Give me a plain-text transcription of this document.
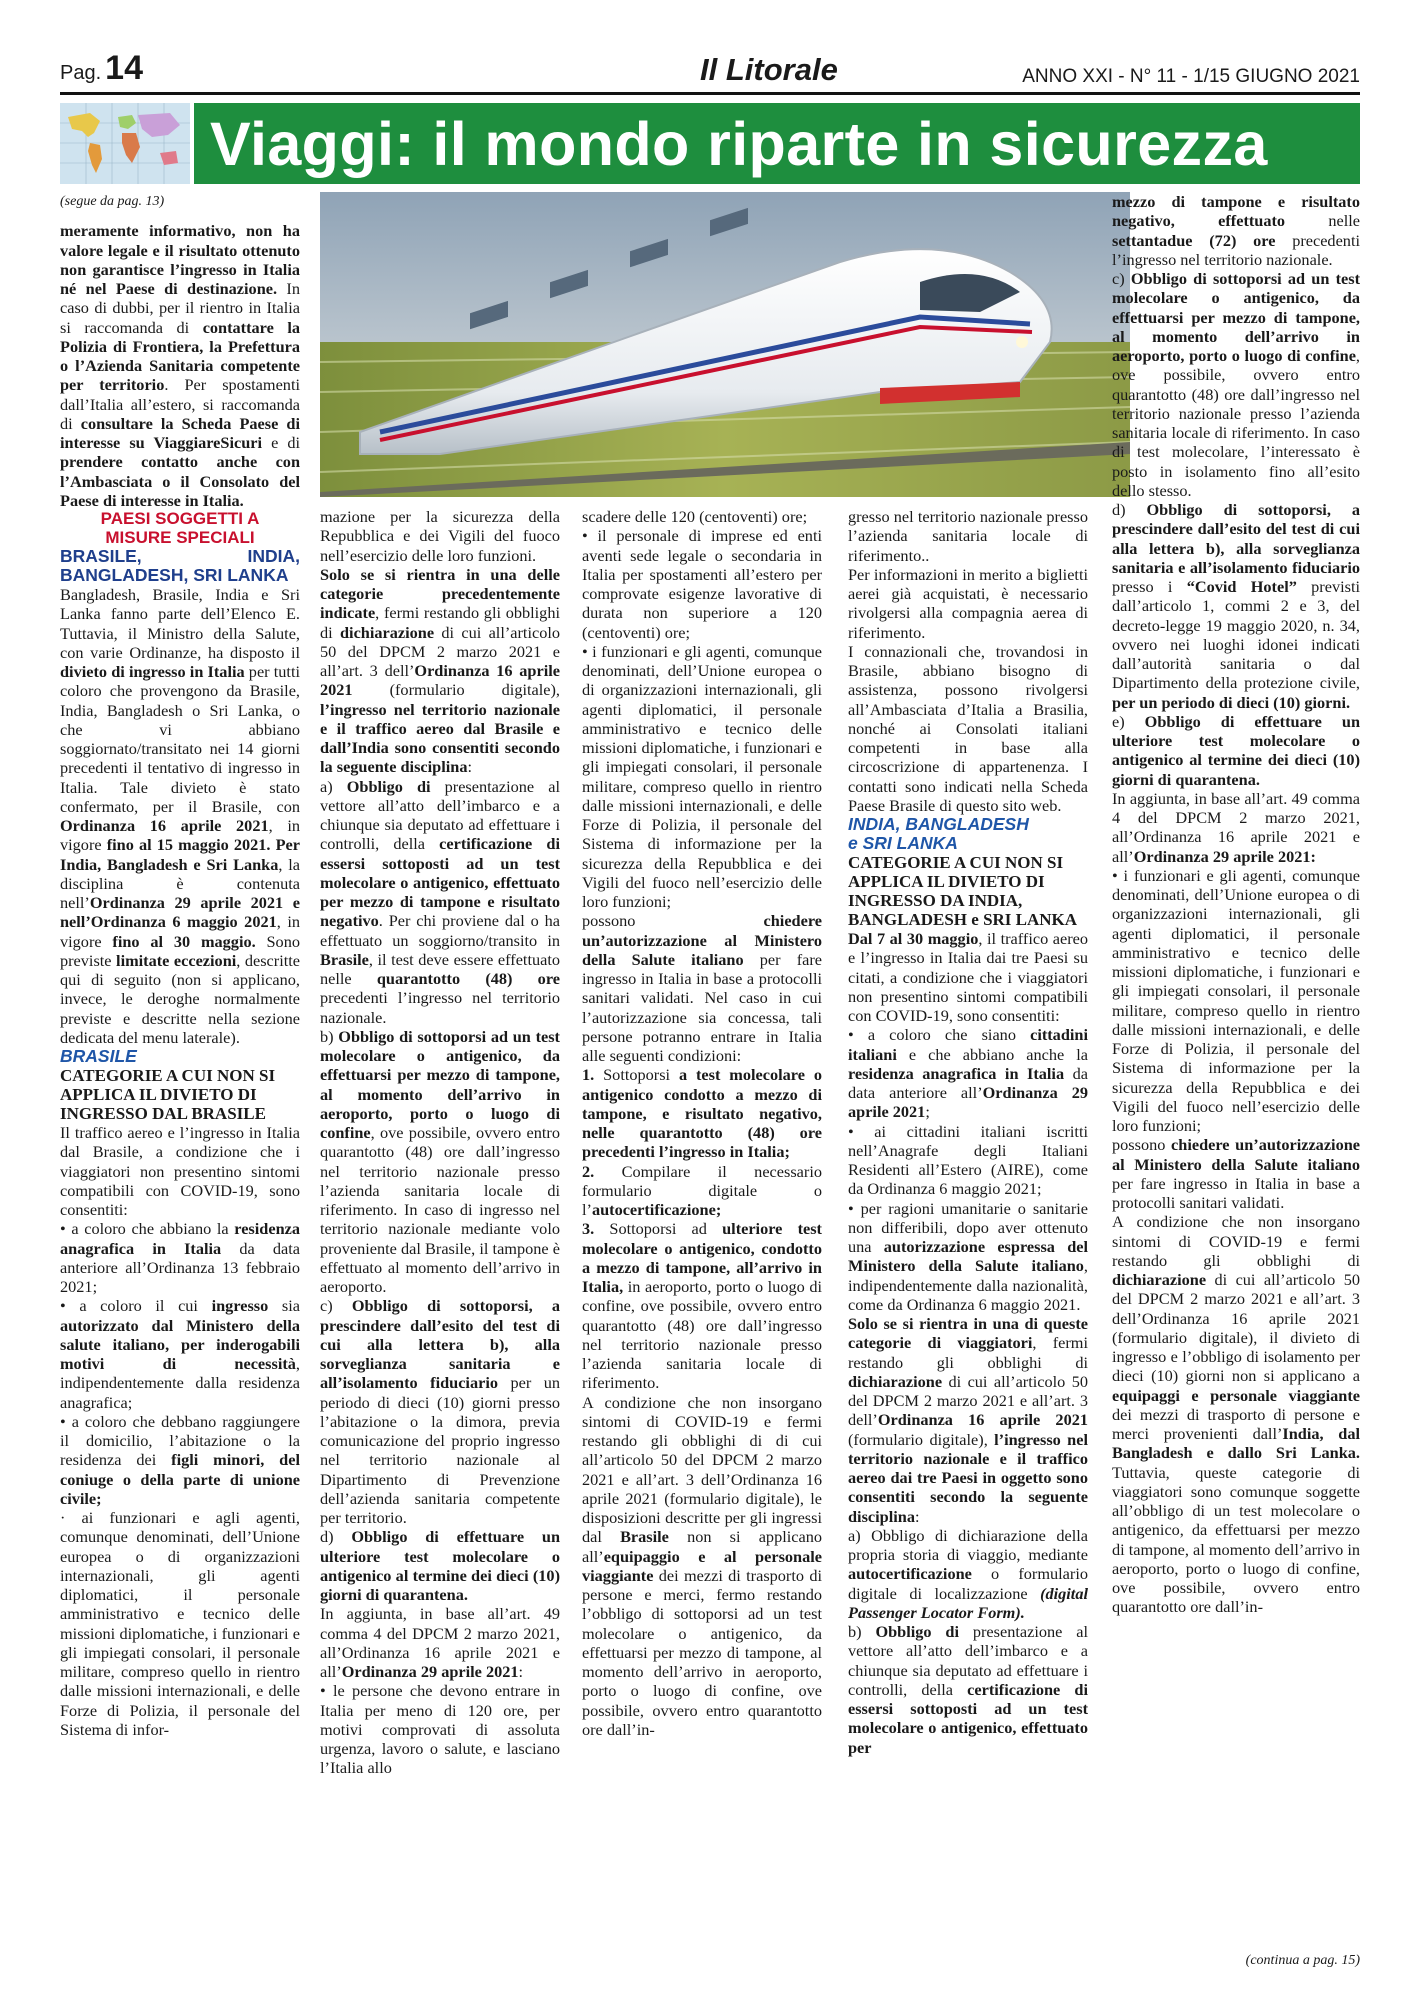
Pag. 14	Il Litorale	ANNO XXI - N° 11 - 1/15 GIUGNO 2021
Viaggi: il mondo riparte in sicurezza

(segue da pag. 13)

meramente informativo, non ha valore legale e il risultato ottenuto non garantisce l’ingresso in Italia né nel Paese di destinazione. In caso di dubbi, per il rientro in Italia si raccomanda di contattare la Polizia di Frontiera, la Prefettura o l’Azienda Sanitaria competente per territorio. Per spostamenti dall’Italia all’estero, si raccomanda di consultare la Scheda Paese di interesse su ViaggiareSicuri e di prendere contatto anche con l’Ambasciata o il Consolato del Paese di interesse in Italia.

PAESI SOGGETTI A
MISURE SPECIALI

BRASILE, INDIA, BANGLADESH, SRI LANKA

Bangladesh, Brasile, India e Sri Lanka fanno parte dell’Elenco E. Tuttavia, il Ministro della Salute, con varie Ordinanze, ha disposto il divieto di ingresso in Italia per tutti coloro che provengono da Brasile, India, Bangladesh o Sri Lanka, o che vi abbiano soggiornato/transitato nei 14 giorni precedenti il tentativo di ingresso in Italia. Tale divieto è stato confermato, per il Brasile, con Ordinanza 16 aprile 2021, in vigore fino al 15 maggio 2021. Per India, Bangladesh e Sri Lanka, la disciplina è contenuta nell’Ordinanza 29 aprile 2021 e nell’Ordinanza 6 maggio 2021, in vigore fino al 30 maggio. Sono previste limitate eccezioni, descritte qui di seguito (non si applicano, invece, le deroghe normalmente previste e descritte nella sezione dedicata del menu laterale).

BRASILE

CATEGORIE A CUI NON SI APPLICA IL DIVIETO DI INGRESSO DAL BRASILE

Il traffico aereo e l’ingresso in Italia dal Brasile, a condizione che i viaggiatori non presentino sintomi compatibili con COVID-19, sono consentiti:

• a coloro che abbiano la residenza anagrafica in Italia da data anteriore all’Ordinanza 13 febbraio 2021;

• a coloro il cui ingresso sia autorizzato dal Ministero della salute italiano, per inderogabili motivi di necessità, indipendentemente dalla residenza anagrafica;

• a coloro che debbano raggiungere il domicilio, l’abitazione o la residenza dei figli minori, del coniuge o della parte di unione civile;

· ai funzionari e agli agenti, comunque denominati, dell’Unione europea o di organizzazioni internazionali, gli agenti diplomatici, il personale amministrativo e tecnico delle missioni diplomatiche, i funzionari e gli impiegati consolari, il personale militare, compreso quello in rientro dalle missioni internazionali, e delle Forze di Polizia, il personale del Sistema di infor-

mazione per la sicurezza della Repubblica e dei Vigili del fuoco nell’esercizio delle loro funzioni.

Solo se si rientra in una delle categorie precedentemente indicate, fermi restando gli obblighi di dichiarazione di cui all’articolo 50 del DPCM 2 marzo 2021 e all’art. 3 dell’Ordinanza 16 aprile 2021 (formulario digitale), l’ingresso nel territorio nazionale e il traffico aereo dal Brasile e dall’India sono consentiti secondo la seguente disciplina:

a) Obbligo di presentazione al vettore all’atto dell’imbarco e a chiunque sia deputato ad effettuare i controlli, della certificazione di essersi sottoposti ad un test molecolare o antigenico, effettuato per mezzo di tampone e risultato negativo. Per chi proviene dal o ha effettuato un soggiorno/transito in Brasile, il test deve essere effettuato nelle quarantotto (48) ore precedenti l’ingresso nel territorio nazionale.

b) Obbligo di sottoporsi ad un test molecolare o antigenico, da effettuarsi per mezzo di tampone, al momento dell’arrivo in aeroporto, porto o luogo di confine, ove possibile, ovvero entro quarantotto (48) ore dall’ingresso nel territorio nazionale presso l’azienda sanitaria locale di riferimento. In caso di ingresso nel territorio nazionale mediante volo proveniente dal Brasile, il tampone è effettuato al momento dell’arrivo in aeroporto.

c) Obbligo di sottoporsi, a prescindere dall’esito del test di cui alla lettera b), alla sorveglianza sanitaria e all’isolamento fiduciario per un periodo di dieci (10) giorni presso l’abitazione o la dimora, previa comunicazione del proprio ingresso nel territorio nazionale al Dipartimento di Prevenzione dell’azienda sanitaria competente per territorio.

d) Obbligo di effettuare un ulteriore test molecolare o antigenico al termine dei dieci (10) giorni di quarantena.

In aggiunta, in base all’art. 49 comma 4 del DPCM 2 marzo 2021, all’Ordinanza 16 aprile 2021 e all’Ordinanza 29 aprile 2021:

• le persone che devono entrare in Italia per meno di 120 ore, per motivi comprovati di assoluta urgenza, lavoro o salute, e lasciano l’Italia allo

scadere delle 120 (centoventi) ore;

• il personale di imprese ed enti aventi sede legale o secondaria in Italia per spostamenti all’estero per comprovate esigenze lavorative di durata non superiore a 120 (centoventi) ore;

• i funzionari e gli agenti, comunque denominati, dell’Unione europea o di organizzazioni internazionali, gli agenti diplomatici, il personale amministrativo e tecnico delle missioni diplomatiche, i funzionari e gli impiegati consolari, il personale militare, compreso quello in rientro dalle missioni internazionali, e delle Forze di Polizia, il personale del Sistema di informazione per la sicurezza della Repubblica e dei Vigili del fuoco nell’esercizio delle loro funzioni;

possono chiedere un’autorizzazione al Ministero della Salute italiano per fare ingresso in Italia in base a protocolli sanitari validati. Nel caso in cui l’autorizzazione sia concessa, tali persone potranno entrare in Italia alle seguenti condizioni:

1. Sottoporsi a test molecolare o antigenico condotto a mezzo di tampone, e risultato negativo, nelle quarantotto (48) ore precedenti l’ingresso in Italia;

2. Compilare il necessario formulario digitale o l’autocertificazione;

3. Sottoporsi ad ulteriore test molecolare o antigenico, condotto a mezzo di tampone, all’arrivo in Italia, in aeroporto, porto o luogo di confine, ove possibile, ovvero entro quarantotto (48) ore dall’ingresso nel territorio nazionale presso l’azienda sanitaria locale di riferimento.

A condizione che non insorgano sintomi di COVID-19 e fermi restando gli obblighi di di cui all’articolo 50 del DPCM 2 marzo 2021 e all’art. 3 dell’Ordinanza 16 aprile 2021 (formulario digitale), le disposizioni descritte per gli ingressi dal Brasile non si applicano all’equipaggio e al personale viaggiante dei mezzi di trasporto di persone e merci, fermo restando l’obbligo di sottoporsi ad un test molecolare o antigenico, da effettuarsi per mezzo di tampone, al momento dell’arrivo in aeroporto, porto o luogo di confine, ove possibile, ovvero entro quarantotto ore dall’in-

gresso nel territorio nazionale presso l’azienda sanitaria locale di riferimento..

Per informazioni in merito a biglietti aerei già acquistati, è necessario rivolgersi alla compagnia aerea di riferimento.

I connazionali che, trovandosi in Brasile, abbiano bisogno di assistenza, possono rivolgersi all’Ambasciata d’Italia a Brasilia, nonché ai Consolati italiani competenti in base alla circoscrizione di appartenenza. I contatti sono indicati nella Scheda Paese Brasile di questo sito web.

INDIA, BANGLADESH
e SRI LANKA

CATEGORIE A CUI NON SI APPLICA IL DIVIETO DI INGRESSO DA INDIA, BANGLADESH e SRI LANKA

Dal 7 al 30 maggio, il traffico aereo e l’ingresso in Italia dai tre Paesi su citati, a condizione che i viaggiatori non presentino sintomi compatibili con COVID-19, sono consentiti:

• a coloro che siano cittadini italiani e che abbiano anche la residenza anagrafica in Italia da data anteriore all’Ordinanza 29 aprile 2021;

• ai cittadini italiani iscritti nell’Anagrafe degli Italiani Residenti all’Estero (AIRE), come da Ordinanza 6 maggio 2021;

• per ragioni umanitarie o sanitarie non differibili, dopo aver ottenuto una autorizzazione espressa del Ministero della Salute italiano, indipendentemente dalla nazionalità, come da Ordinanza 6 maggio 2021.

Solo se si rientra in una di queste categorie di viaggiatori, fermi restando gli obblighi di dichiarazione di cui all’articolo 50 del DPCM 2 marzo 2021 e all’art. 3 dell’Ordinanza 16 aprile 2021 (formulario digitale), l’ingresso nel territorio nazionale e il traffico aereo dai tre Paesi in oggetto sono consentiti secondo la seguente disciplina:

a) Obbligo di dichiarazione della propria storia di viaggio, mediante autocertificazione o formulario digitale di localizzazione (digital Passenger Locator Form).

b) Obbligo di presentazione al vettore all’atto dell’imbarco e a chiunque sia deputato ad effettuare i controlli, della certificazione di essersi sottoposti ad un test molecolare o antigenico, effettuato per

mezzo di tampone e risultato negativo, effettuato nelle settantadue (72) ore precedenti l’ingresso nel territorio nazionale.

c) Obbligo di sottoporsi ad un test molecolare o antigenico, da effettuarsi per mezzo di tampone, al momento dell’arrivo in aeroporto, porto o luogo di confine, ove possibile, ovvero entro quarantotto (48) ore dall’ingresso nel territorio nazionale presso l’azienda sanitaria locale di riferimento. In caso di test molecolare, l’interessato è posto in isolamento fino all’esito dello stesso.

d) Obbligo di sottoporsi, a prescindere dall’esito del test di cui alla lettera b), alla sorveglianza sanitaria e all’isolamento fiduciario presso i “Covid Hotel” previsti dall’articolo 1, commi 2 e 3, del decreto-legge 19 maggio 2020, n. 34, ovvero nei luoghi idonei indicati dall’autorità sanitaria o dal Dipartimento della protezione civile, per un periodo di dieci (10) giorni.

e) Obbligo di effettuare un ulteriore test molecolare o antigenico al termine dei dieci (10) giorni di quarantena.

In aggiunta, in base all’art. 49 comma 4 del DPCM 2 marzo 2021, all’Ordinanza 16 aprile 2021 e all’Ordinanza 29 aprile 2021:

• i funzionari e gli agenti, comunque denominati, dell’Unione europea o di organizzazioni internazionali, gli agenti diplomatici, il personale amministrativo e tecnico delle missioni diplomatiche, i funzionari e gli impiegati consolari, il personale militare, compreso quello in rientro dalle missioni internazionali, e delle Forze di Polizia, il personale del Sistema di informazione per la sicurezza della Repubblica e dei Vigili del fuoco nell’esercizio delle loro funzioni;

possono chiedere un’autorizzazione al Ministero della Salute italiano per fare ingresso in Italia in base a protocolli sanitari validati.

A condizione che non insorgano sintomi di COVID-19 e fermi restando gli obblighi di dichiarazione di cui all’articolo 50 del DPCM 2 marzo 2021 e all’art. 3 dell’Ordinanza 16 aprile 2021 (formulario digitale), il divieto di ingresso e l’obbligo di isolamento per dieci (10) giorni non si applicano a equipaggi e personale viaggiante dei mezzi di trasporto di persone e merci provenienti dall’India, dal Bangladesh e dallo Sri Lanka. Tuttavia, queste categorie di viaggiatori sono comunque soggette all’obbligo di un test molecolare o antigenico, da effettuarsi per mezzo di tampone, al momento dell’arrivo in aeroporto, porto o luogo di confine, ove possibile, ovvero entro quarantotto ore dall’in-

(continua a pag. 15)
